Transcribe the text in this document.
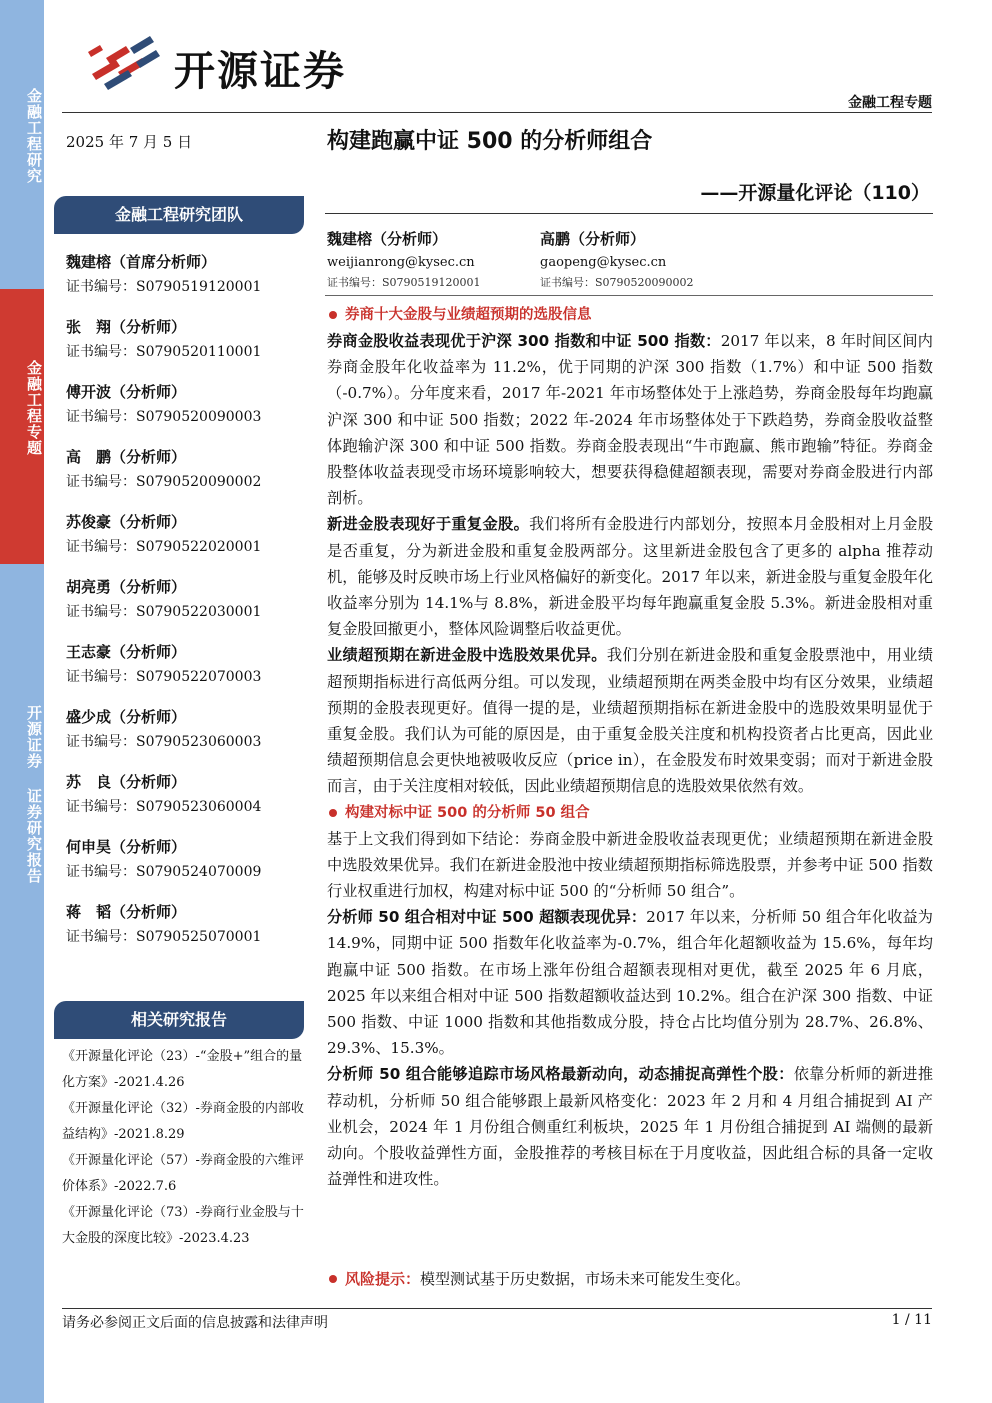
金融工程研究
金融工程专题
开源证券 证券研究报告
开源证券
金融工程专题
2025 年 7 月 5 日	构建跑赢中证 500 的分析师组合
——开源量化评论（110）
魏建榕（分析师）
weijianrong@kysec.cn
证书编号：S0790519120001
高鹏（分析师）
gaopeng@kysec.cn
证书编号：S0790520090002
金融工程研究团队
魏建榕（首席分析师）
证书编号：S0790519120001
张　翔（分析师）
证书编号：S0790520110001
傅开波（分析师）
证书编号：S0790520090003
高　鹏（分析师）
证书编号：S0790520090002
苏俊豪（分析师）
证书编号：S0790522020001
胡亮勇（分析师）
证书编号：S0790522030001
王志豪（分析师）
证书编号：S0790522070003
盛少成（分析师）
证书编号：S0790523060003
苏　良（分析师）
证书编号：S0790523060004
何申昊（分析师）
证书编号：S0790524070009
蒋　韬（分析师）
证书编号：S0790525070001
相关研究报告
《开源量化评论（23）-“金股+”组合的量化方案》-2021.4.26
《开源量化评论（32）-券商金股的内部收益结构》-2021.8.29
《开源量化评论（57）-券商金股的六维评价体系》-2022.7.6
《开源量化评论（73）-券商行业金股与十大金股的深度比较》-2023.4.23
券商十大金股与业绩超预期的选股信息

券商金股收益表现优于沪深 300 指数和中证 500 指数：2017 年以来，8 年时间区间内券商金股年化收益率为 11.2%，优于同期的沪深 300 指数（1.7%）和中证 500 指数（-0.7%）。分年度来看，2017 年-2021 年市场整体处于上涨趋势，券商金股每年均跑赢沪深 300 和中证 500 指数；2022 年-2024 年市场整体处于下跌趋势，券商金股收益整体跑输沪深 300 和中证 500 指数。券商金股表现出“牛市跑赢、熊市跑输”特征。券商金股整体收益表现受市场环境影响较大，想要获得稳健超额表现，需要对券商金股进行内部剖析。

新进金股表现好于重复金股。我们将所有金股进行内部划分，按照本月金股相对上月金股是否重复，分为新进金股和重复金股两部分。这里新进金股包含了更多的 alpha 推荐动机，能够及时反映市场上行业风格偏好的新变化。2017 年以来，新进金股与重复金股年化收益率分别为 14.1%与 8.8%，新进金股平均每年跑赢重复金股 5.3%。新进金股相对重复金股回撤更小，整体风险调整后收益更优。

业绩超预期在新进金股中选股效果优异。我们分别在新进金股和重复金股票池中，用业绩超预期指标进行高低两分组。可以发现，业绩超预期在两类金股中均有区分效果，业绩超预期的金股表现更好。值得一提的是，业绩超预期指标在新进金股中的选股效果明显优于重复金股。我们认为可能的原因是，由于重复金股关注度和机构投资者占比更高，因此业绩超预期信息会更快地被吸收反应（price in），在金股发布时效果变弱；而对于新进金股而言，由于关注度相对较低，因此业绩超预期信息的选股效果依然有效。

构建对标中证 500 的分析师 50 组合

基于上文我们得到如下结论：券商金股中新进金股收益表现更优；业绩超预期在新进金股中选股效果优异。我们在新进金股池中按业绩超预期指标筛选股票，并参考中证 500 指数行业权重进行加权，构建对标中证 500 的“分析师 50 组合”。

分析师 50 组合相对中证 500 超额表现优异：2017 年以来，分析师 50 组合年化收益为 14.9%，同期中证 500 指数年化收益率为-0.7%，组合年化超额收益为 15.6%，每年均跑赢中证 500 指数。在市场上涨年份组合超额表现相对更优，截至 2025 年 6 月底，2025 年以来组合相对中证 500 指数超额收益达到 10.2%。组合在沪深 300 指数、中证 500 指数、中证 1000 指数和其他指数成分股，持仓占比均值分别为 28.7%、26.8%、29.3%、15.3%。

分析师 50 组合能够追踪市场风格最新动向，动态捕捉高弹性个股：依靠分析师的新进推荐动机，分析师 50 组合能够跟上最新风格变化：2023 年 2 月和 4 月组合捕捉到 AI 产业机会，2024 年 1 月份组合侧重红利板块，2025 年 1 月份组合捕捉到 AI 端侧的最新动向。个股收益弹性方面，金股推荐的考核目标在于月度收益，因此组合标的具备一定收益弹性和进攻性。

风险提示： 模型测试基于历史数据，市场未来可能发生变化。
请务必参阅正文后面的信息披露和法律声明	1 / 11
